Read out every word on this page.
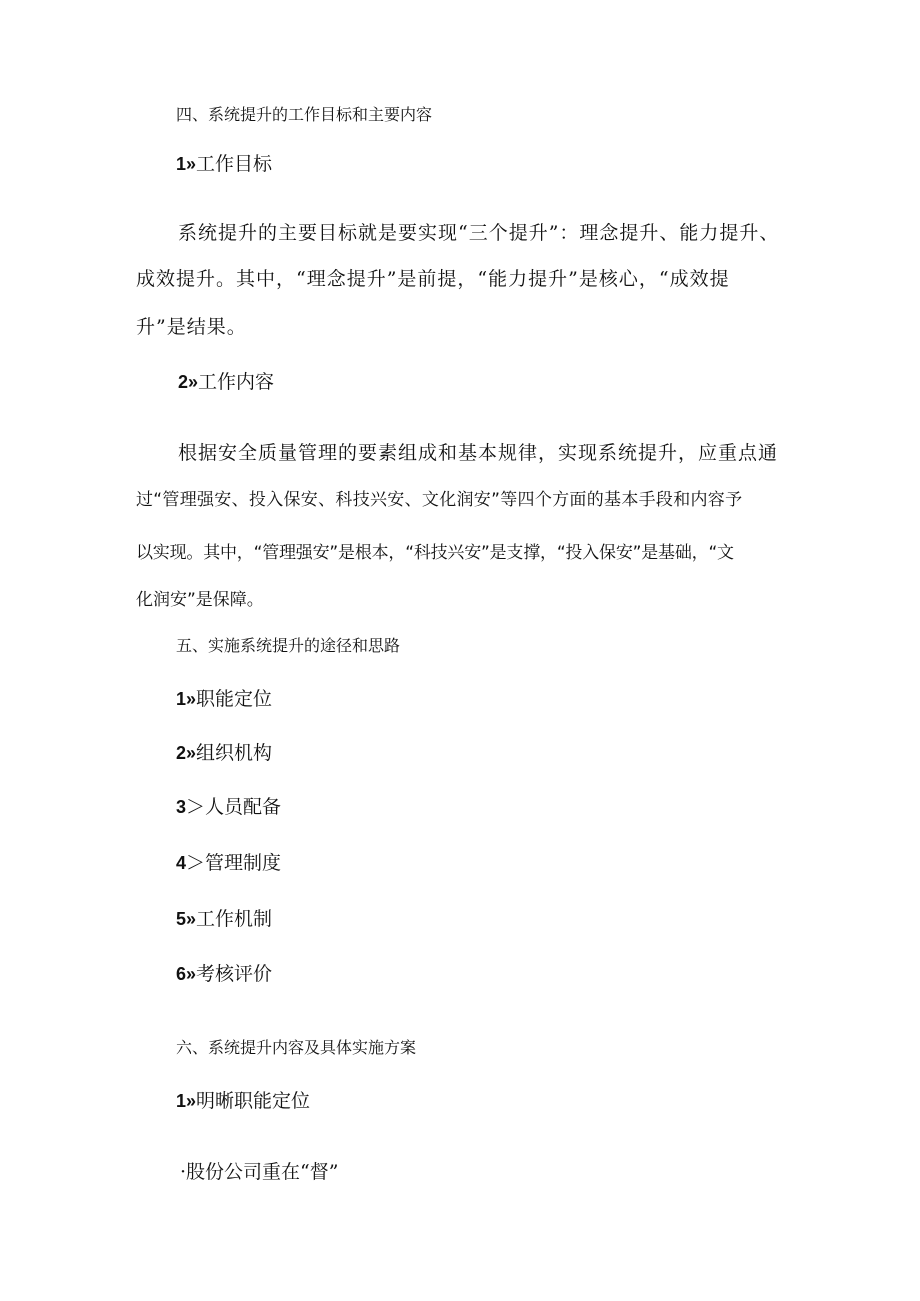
四、系统提升的工作目标和主要内容

1»工作目标

系统提升的主要目标就是要实现“三个提升”：理念提升、能力提升、

成效提升。其中，“理念提升”是前提，“能力提升”是核心，“成效提

升”是结果。

2»工作内容

根据安全质量管理的要素组成和基本规律，实现系统提升，应重点通

过“管理强安、投入保安、科技兴安、文化润安”等四个方面的基本手段和内容予

以实现。其中，“管理强安”是根本，“科技兴安”是支撑，“投入保安”是基础，“文

化润安”是保障。

五、实施系统提升的途径和思路

1»职能定位

2»组织机构

3＞人员配备

4＞管理制度

5»工作机制

6»考核评价

六、系统提升内容及具体实施方案

1»明晰职能定位

·股份公司重在“督”
